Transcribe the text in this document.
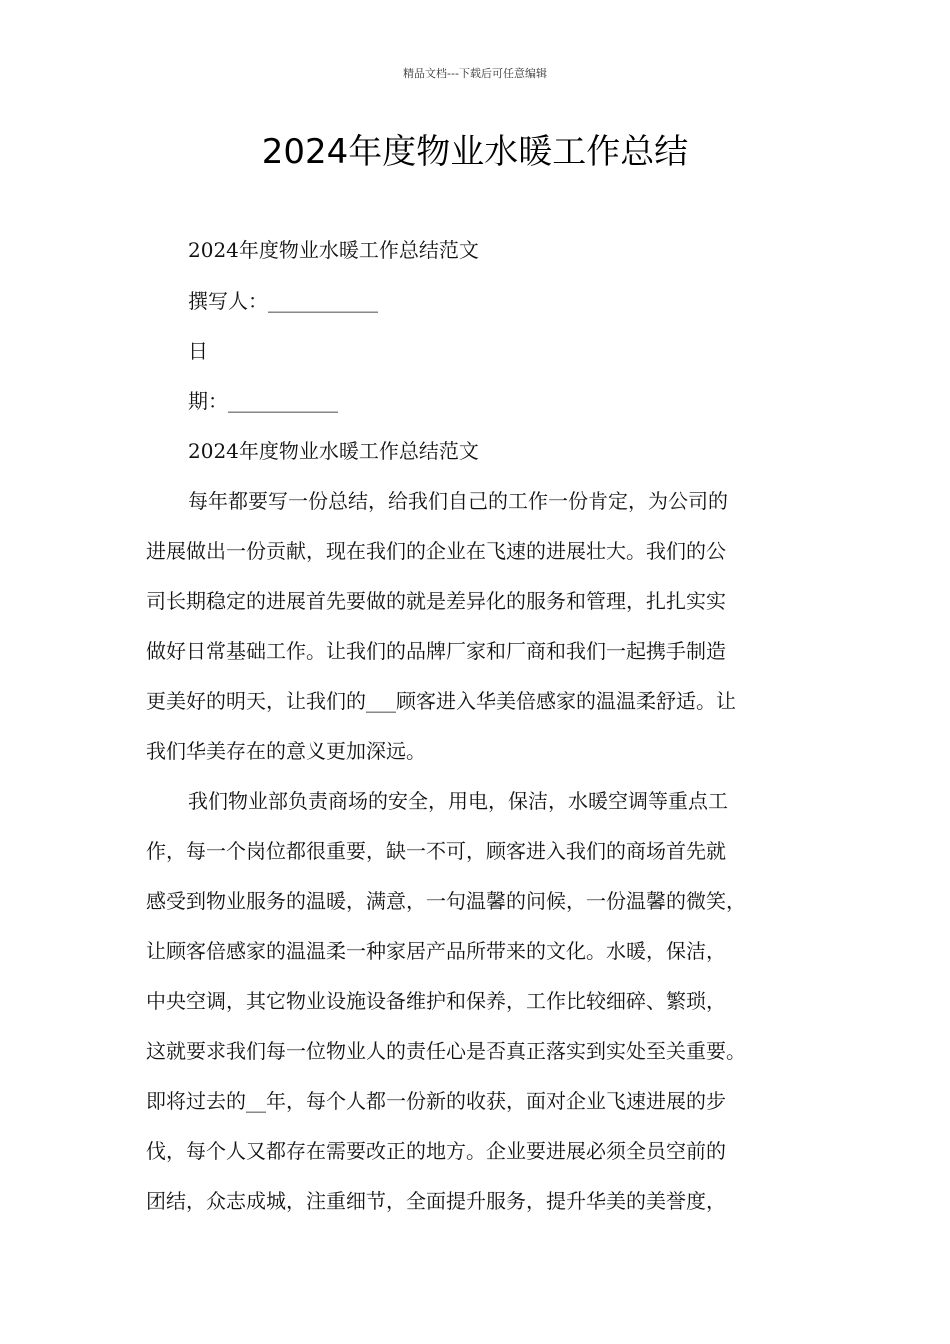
精品文档---下载后可任意编辑
2024年度物业水暖工作总结
2024年度物业水暖工作总结范文
撰写人：___________
日
期：___________
2024年度物业水暖工作总结范文
每年都要写一份总结，给我们自己的工作一份肯定，为公司的
进展做出一份贡献，现在我们的企业在飞速的进展壮大。我们的公
司长期稳定的进展首先要做的就是差异化的服务和管理，扎扎实实
做好日常基础工作。让我们的品牌厂家和厂商和我们一起携手制造
更美好的明天，让我们的___顾客进入华美倍感家的温温柔舒适。让
我们华美存在的意义更加深远。
我们物业部负责商场的安全，用电，保洁，水暖空调等重点工
作，每一个岗位都很重要，缺一不可，顾客进入我们的商场首先就
感受到物业服务的温暖，满意，一句温馨的问候，一份温馨的微笑，
让顾客倍感家的温温柔一种家居产品所带来的文化。水暖，保洁，
中央空调，其它物业设施设备维护和保养，工作比较细碎、繁琐，
这就要求我们每一位物业人的责任心是否真正落实到实处至关重要。
即将过去的__年，每个人都一份新的收获，面对企业飞速进展的步
伐，每个人又都存在需要改正的地方。企业要进展必须全员空前的
团结，众志成城，注重细节，全面提升服务，提升华美的美誉度，
